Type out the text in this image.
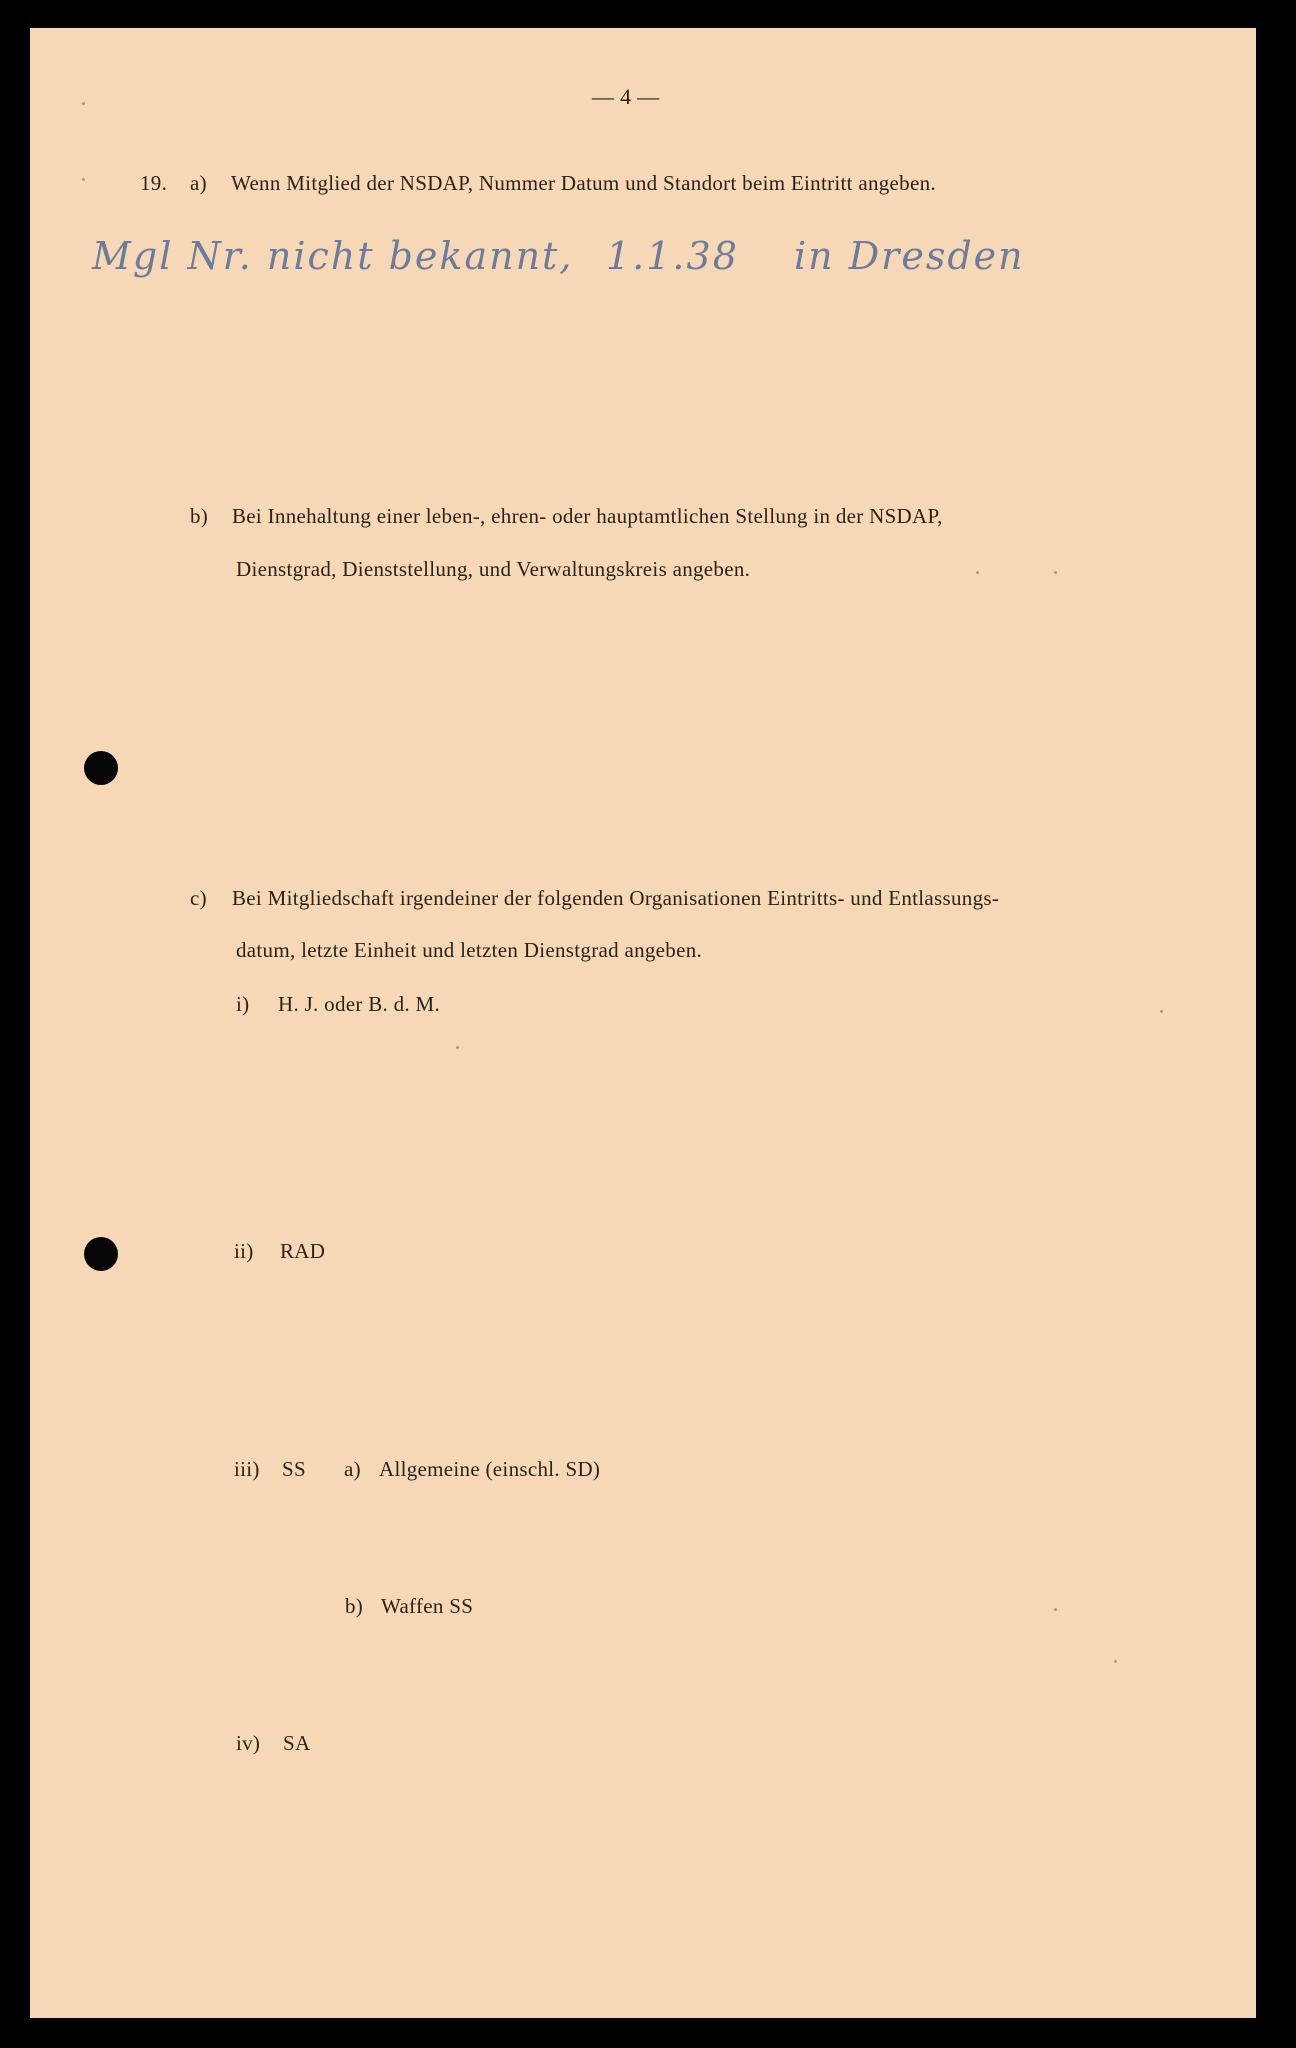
— 4 —
19. a) Wenn Mitglied der NSDAP, Nummer Datum und Standort beim Eintritt angeben.
Mgl Nr. nicht bekannt, 1.1.38 in Dresden
b) Bei Innehaltung einer leben-, ehren- oder hauptamtlichen Stellung in der NSDAP,
Dienstgrad, Dienststellung, und Verwaltungskreis angeben.
c) Bei Mitgliedschaft irgendeiner der folgenden Organisationen Eintritts- und Entlassungs-
datum, letzte Einheit und letzten Dienstgrad angeben.
i) H. J. oder B. d. M.
ii) RAD
iii) SS a) Allgemeine (einschl. SD)
b) Waffen SS
iv) SA
